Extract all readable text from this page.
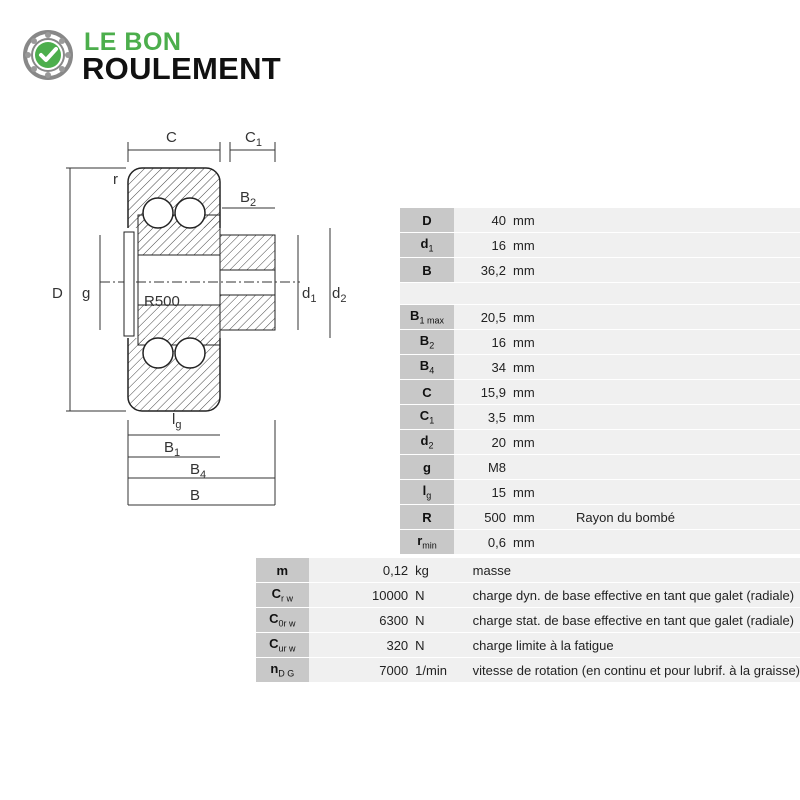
LE BON
ROULEMENT
C	$C_1$
r
$B_2$
D g	R500	$d_1$ $d_2$
$l_g$
$B_1$
$B_4$
B
D	40	mm	
$d_1$	16	mm	
B	36,2	mm	

$B_{1 max}$	20,5	mm	
$B_2$	16	mm	
$B_4$	34	mm	
C	15,9	mm	
$C_1$	3,5	mm	
$d_2$	20	mm	
g	M8		
$l_g$	15	mm	
R	500	mm	Rayon du bombé
$r_{min}$	0,6	mm	
m	0,12	kg	masse
$C_{r w}$	10000	N	charge dyn. de base effective en tant que galet (radiale)
$C_{0r w}$	6300	N	charge stat. de base effective en tant que galet (radiale)
$C_{ur w}$	320	N	charge limite à la fatigue
$n_{D G}$	7000	1/min	vitesse de rotation (en continu et pour lubrif. à la graisse)
